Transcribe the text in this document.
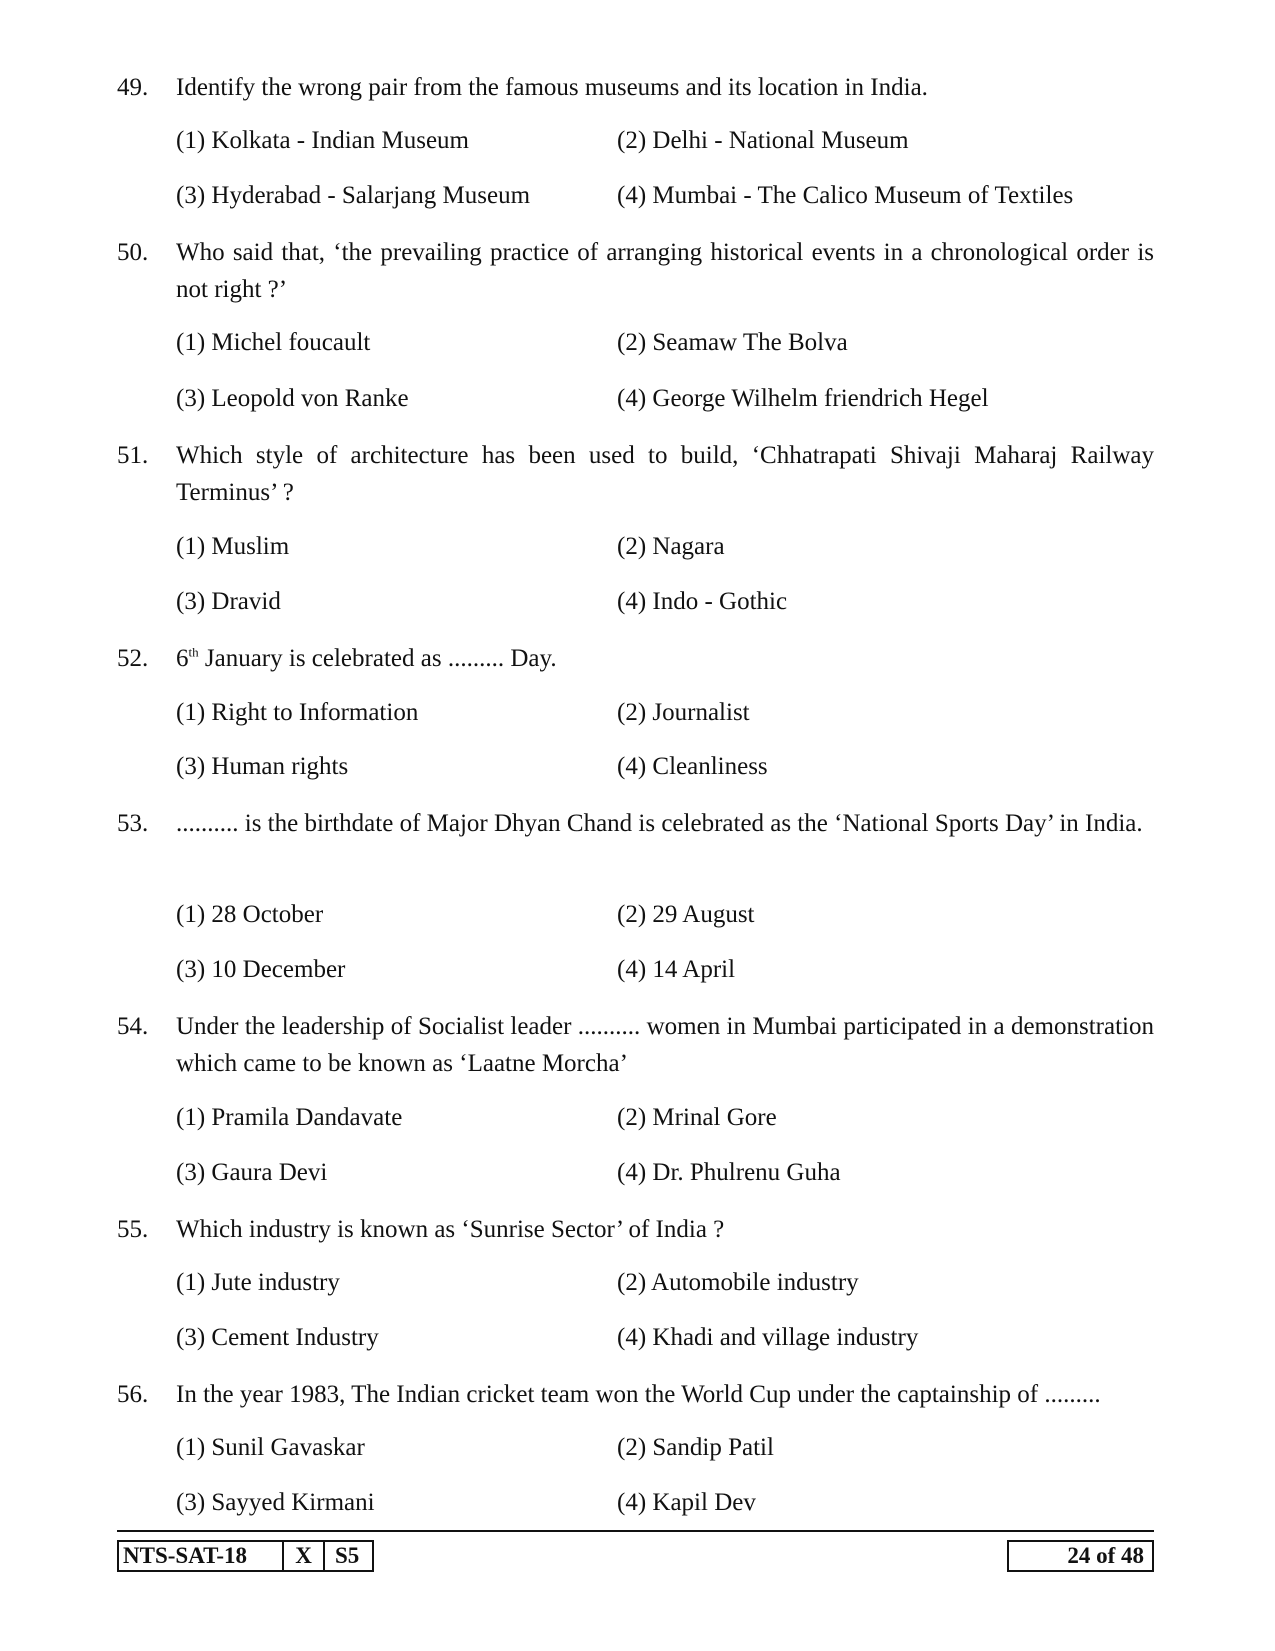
49. Identify the wrong pair from the famous museums and its location in India.
(1) Kolkata - Indian Museum	(2) Delhi - National Museum
(3) Hyderabad - Salarjang Museum	(4) Mumbai - The Calico Museum of Textiles
50. Who said that, ‘the prevailing practice of arranging historical events in a chronological order is not right ?’
(1) Michel foucault	(2) Seamaw The Bolva
(3) Leopold von Ranke	(4) George Wilhelm friendrich Hegel
51. Which style of architecture has been used to build, ‘Chhatrapati Shivaji Maharaj Railway Terminus’ ?
(1) Muslim	(2) Nagara
(3) Dravid	(4) Indo - Gothic
52. 6th January is celebrated as ......... Day.
(1) Right to Information	(2) Journalist
(3) Human rights	(4) Cleanliness
53. .......... is the birthdate of Major Dhyan Chand is celebrated as the ‘National Sports Day’ in India.
(1) 28 October	(2) 29 August
(3) 10 December	(4) 14 April
54. Under the leadership of Socialist leader .......... women in Mumbai participated in a demonstration which came to be known as ‘Laatne Morcha’
(1) Pramila Dandavate	(2) Mrinal Gore
(3) Gaura Devi	(4) Dr. Phulrenu Guha
55. Which industry is known as ‘Sunrise Sector’ of India ?
(1) Jute industry	(2) Automobile industry
(3) Cement Industry	(4) Khadi and village industry
56. In the year 1983, The Indian cricket team won the World Cup under the captainship of .........
(1) Sunil Gavaskar	(2) Sandip Patil
(3) Sayyed Kirmani	(4) Kapil Dev
NTS-SAT-18	X	S5	24 of 48
